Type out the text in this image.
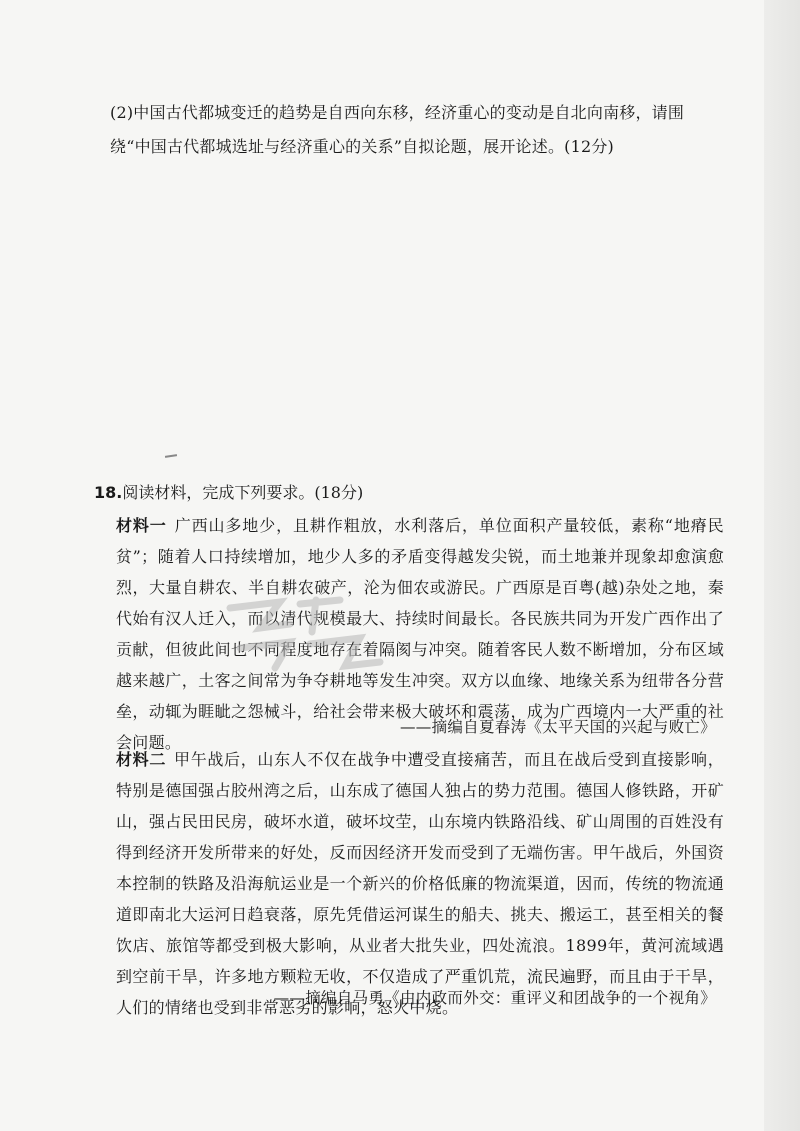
(2)中国古代都城变迁的趋势是自西向东移，经济重心的变动是自北向南移，请围绕“中国古代都城选址与经济重心的关系”自拟论题，展开论述。(12分)
18.阅读材料，完成下列要求。(18分)
材料一 广西山多地少，且耕作粗放，水利落后，单位面积产量较低，素称“地瘠民贫”；随着人口持续增加，地少人多的矛盾变得越发尖锐，而土地兼并现象却愈演愈烈，大量自耕农、半自耕农破产，沦为佃农或游民。广西原是百粤(越)杂处之地，秦代始有汉人迁入，而以清代规模最大、持续时间最长。各民族共同为开发广西作出了贡献，但彼此间也不同程度地存在着隔阂与冲突。随着客民人数不断增加，分布区域越来越广，土客之间常为争夺耕地等发生冲突。双方以血缘、地缘关系为纽带各分营垒，动辄为睚眦之怨械斗，给社会带来极大破坏和震荡，成为广西境内一大严重的社会问题。
——摘编自夏春涛《太平天国的兴起与败亡》
材料二 甲午战后，山东人不仅在战争中遭受直接痛苦，而且在战后受到直接影响，特别是德国强占胶州湾之后，山东成了德国人独占的势力范围。德国人修铁路，开矿山，强占民田民房，破坏水道，破坏坟茔，山东境内铁路沿线、矿山周围的百姓没有得到经济开发所带来的好处，反而因经济开发而受到了无端伤害。甲午战后，外国资本控制的铁路及沿海航运业是一个新兴的价格低廉的物流渠道，因而，传统的物流通道即南北大运河日趋衰落，原先凭借运河谋生的船夫、挑夫、搬运工，甚至相关的餐饮店、旅馆等都受到极大影响，从业者大批失业，四处流浪。1899年，黄河流域遇到空前干旱，许多地方颗粒无收，不仅造成了严重饥荒，流民遍野，而且由于干旱，人们的情绪也受到非常恶劣的影响，怒火中烧。
——摘编自马勇《由内政而外交：重评义和团战争的一个视角》
